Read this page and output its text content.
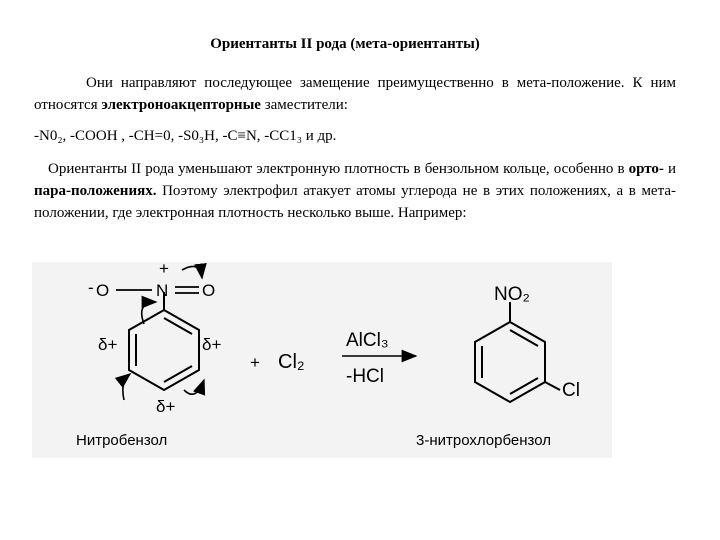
Ориентанты II рода (мета-ориентанты)
Они направляют последующее замещение преимущественно в мета-положение. К ним относятся электроноакцепторные заместители:
-N0₂, -COOH , -CH=0, -S0₃H, -C≡N, -CC1₃ и др.
Ориентанты II рода уменьшают электронную плотность в бензольном кольце, особенно в орто- и пара-положениях. Поэтому электрофил атакует атомы углерода не в этих положениях, а в мета-положении, где электронная плотность несколько выше. Например:
- O	N
+
O
δ+	δ+
δ+
+ Cl₂
AlCl₃
-HCl
NO₂
Cl
Нитробензол	3-нитрохлорбензол
